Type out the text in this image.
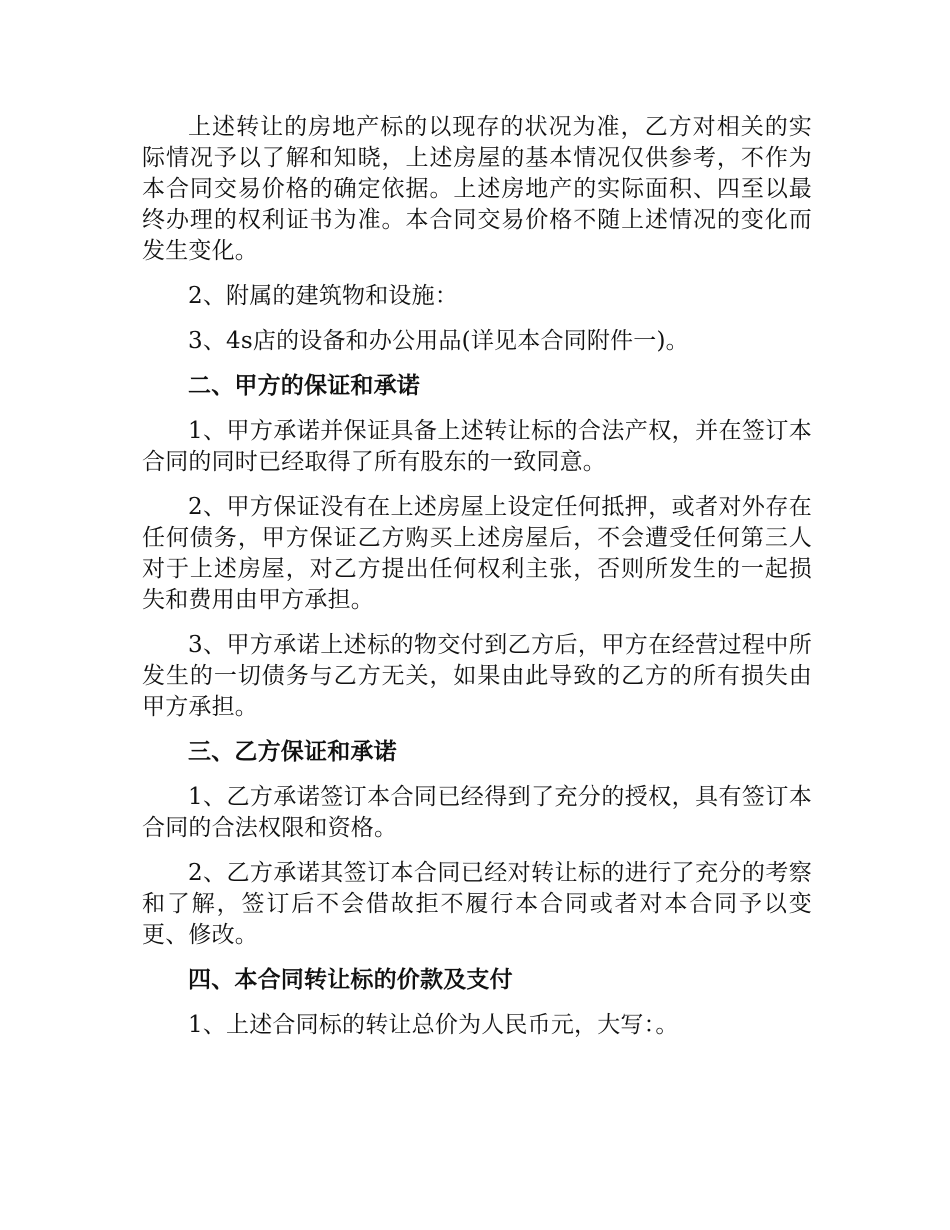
上述转让的房地产标的以现存的状况为准，乙方对相关的实际情况予以了解和知晓，上述房屋的基本情况仅供参考，不作为本合同交易价格的确定依据。上述房地产的实际面积、四至以最终办理的权利证书为准。本合同交易价格不随上述情况的变化而发生变化。

2、附属的建筑物和设施：

3、4s店的设备和办公用品(详见本合同附件一)。

二、甲方的保证和承诺

1、甲方承诺并保证具备上述转让标的合法产权，并在签订本合同的同时已经取得了所有股东的一致同意。

2、甲方保证没有在上述房屋上设定任何抵押，或者对外存在任何债务，甲方保证乙方购买上述房屋后，不会遭受任何第三人对于上述房屋，对乙方提出任何权利主张，否则所发生的一起损失和费用由甲方承担。

3、甲方承诺上述标的物交付到乙方后，甲方在经营过程中所发生的一切债务与乙方无关，如果由此导致的乙方的所有损失由甲方承担。

三、乙方保证和承诺

1、乙方承诺签订本合同已经得到了充分的授权，具有签订本合同的合法权限和资格。

2、乙方承诺其签订本合同已经对转让标的进行了充分的考察和了解，签订后不会借故拒不履行本合同或者对本合同予以变更、修改。

四、本合同转让标的价款及支付

1、上述合同标的转让总价为人民币元，大写：。
